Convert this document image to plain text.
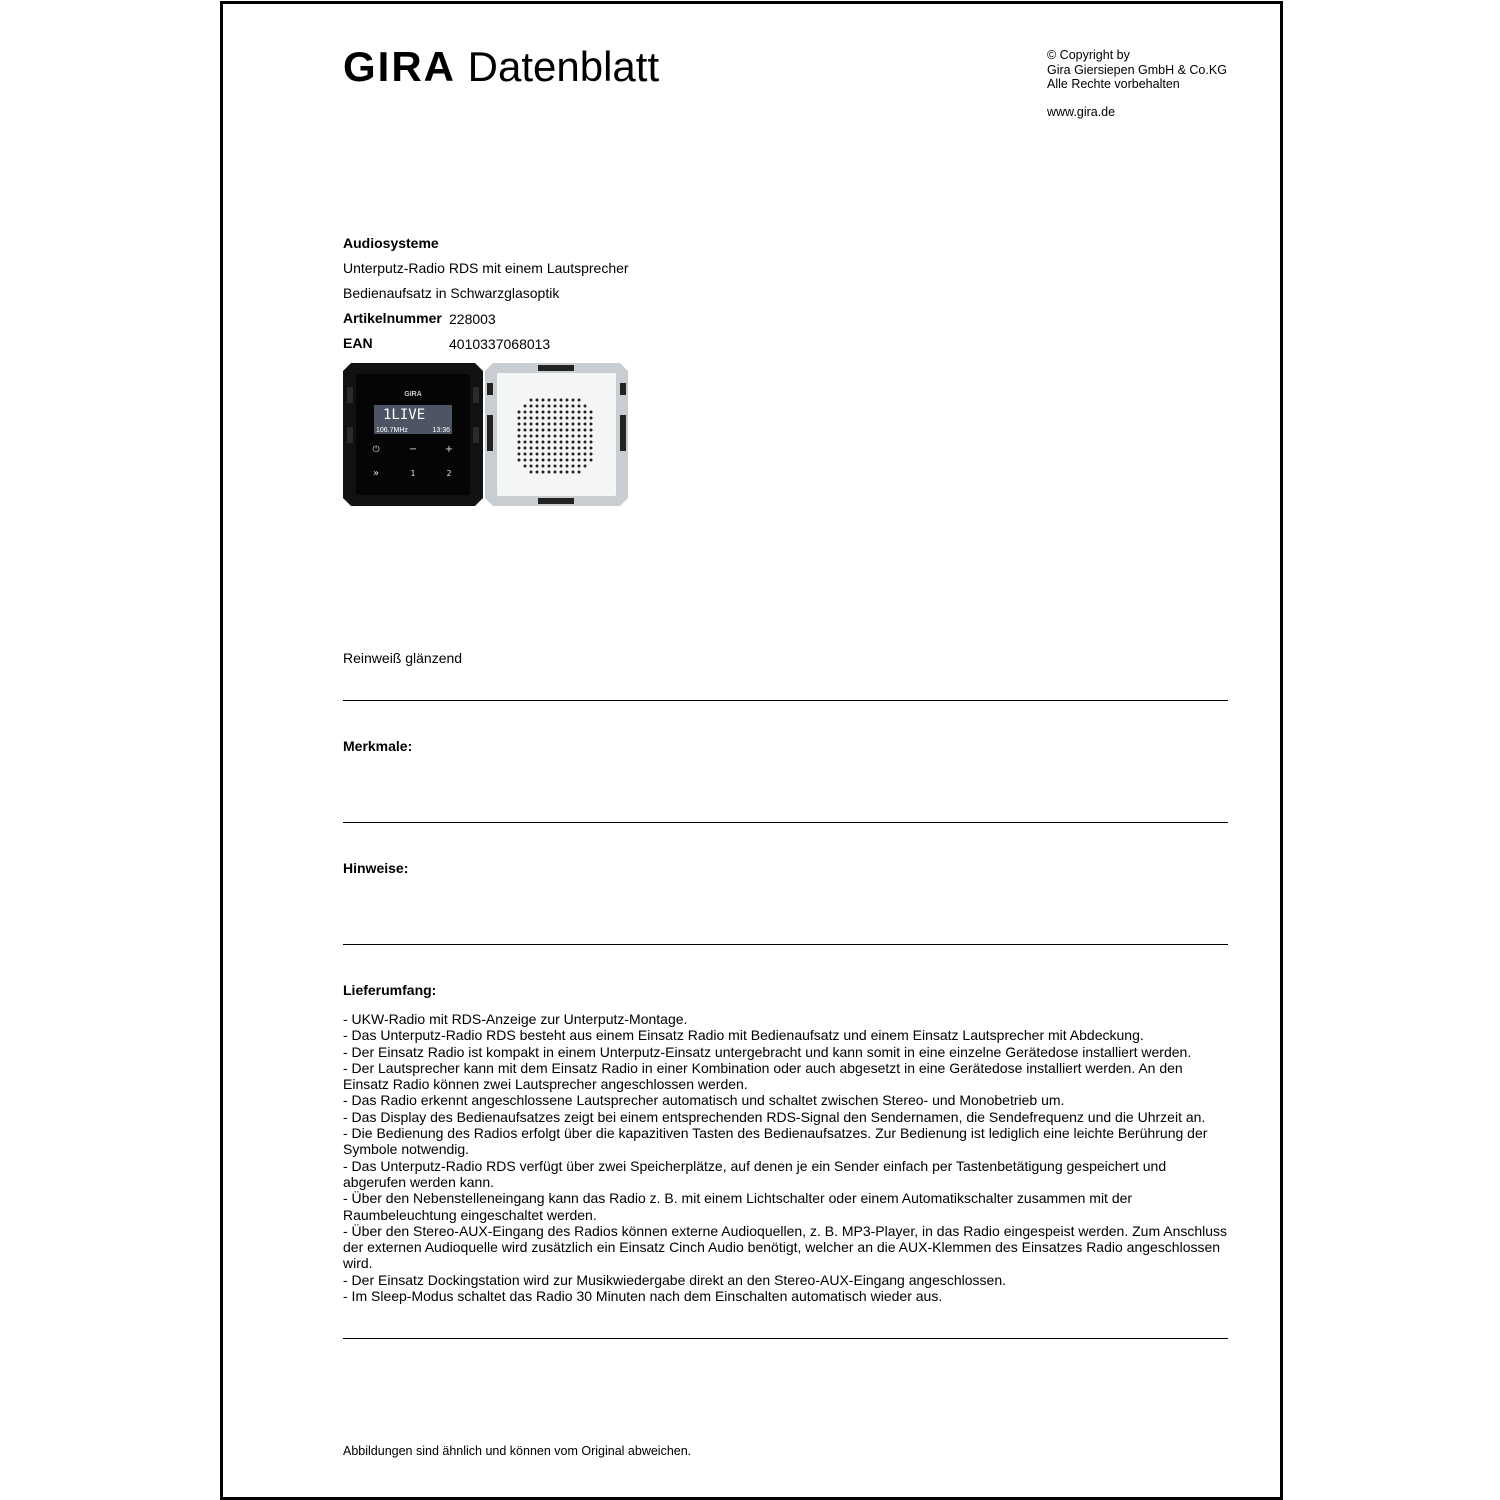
GIRA Datenblatt	© Copyright by
Gira Giersiepen GmbH & Co.KG
Alle Rechte vorbehalten
www.gira.de
Audiosysteme
Unterputz-Radio RDS mit einem Lautsprecher
Bedienaufsatz in Schwarzglasoptik
Artikelnummer 228003
EAN	4010337068013
GIRA
1LIVE
106.7MHz	13:36
⏻	−	+
»	1	2
Reinweiß glänzend
Merkmale:
Hinweise:
Lieferumfang:
- UKW-Radio mit RDS-Anzeige zur Unterputz-Montage.
- Das Unterputz-Radio RDS besteht aus einem Einsatz Radio mit Bedienaufsatz und einem Einsatz Lautsprecher mit Abdeckung.
- Der Einsatz Radio ist kompakt in einem Unterputz-Einsatz untergebracht und kann somit in eine einzelne Gerätedose installiert werden.
- Der Lautsprecher kann mit dem Einsatz Radio in einer Kombination oder auch abgesetzt in eine Gerätedose installiert werden. An den Einsatz Radio können zwei Lautsprecher angeschlossen werden.
- Das Radio erkennt angeschlossene Lautsprecher automatisch und schaltet zwischen Stereo- und Monobetrieb um.
- Das Display des Bedienaufsatzes zeigt bei einem entsprechenden RDS-Signal den Sendernamen, die Sendefrequenz und die Uhrzeit an.
- Die Bedienung des Radios erfolgt über die kapazitiven Tasten des Bedienaufsatzes. Zur Bedienung ist lediglich eine leichte Berührung der Symbole notwendig.
- Das Unterputz-Radio RDS verfügt über zwei Speicherplätze, auf denen je ein Sender einfach per Tastenbetätigung gespeichert und abgerufen werden kann.
- Über den Nebenstelleneingang kann das Radio z. B. mit einem Lichtschalter oder einem Automatikschalter zusammen mit der Raumbeleuchtung eingeschaltet werden.
- Über den Stereo-AUX-Eingang des Radios können externe Audioquellen, z. B. MP3-Player, in das Radio eingespeist werden. Zum Anschluss der externen Audioquelle wird zusätzlich ein Einsatz Cinch Audio benötigt, welcher an die AUX-Klemmen des Einsatzes Radio angeschlossen wird.
- Der Einsatz Dockingstation wird zur Musikwiedergabe direkt an den Stereo-AUX-Eingang angeschlossen.
- Im Sleep-Modus schaltet das Radio 30 Minuten nach dem Einschalten automatisch wieder aus.
Abbildungen sind ähnlich und können vom Original abweichen.
